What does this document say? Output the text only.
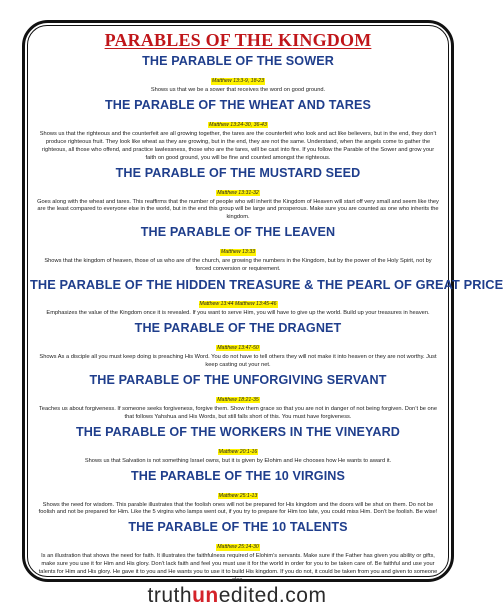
PARABLES OF THE KINGDOM
THE PARABLE OF THE SOWER
Matthew 13:3-9, 18-23
Shows us that we be a sower that receives the word on good ground.
THE PARABLE OF THE WHEAT AND TARES
Matthew 13:24-30, 36-43
Shows us that the righteous and the counterfeit are all growing together, the tares are the counterfeit who look and act like believers, but in the end, they don’t produce righteous fruit. They look like wheat as they are growing, but in the end, they are not the same. Understand, when the angels come to gather the righteous, all those who offend, and practice lawlessness, those who are the tares, will be cast into fire. If you follow the Parable of the Sower and grow your faith on good ground, you will be fine and counted amongst the righteous.
THE PARABLE OF THE MUSTARD SEED
Matthew 13:31-32
Goes along with the wheat and tares. This reaffirms that the number of people who will inherit the Kingdom of Heaven will start off very small and seem like they are the least compared to everyone else in the world, but in the end this group will be large and prosperous. Make sure you are counted as one who inherits the kingdom.
THE PARABLE OF THE LEAVEN
Matthew 13:33
Shows that the kingdom of heaven, those of us who are of the church, are growing the numbers in the Kingdom, but by the power of the Holy Spirit, not by forced conversion or requirement.
THE PARABLE OF THE HIDDEN TREASURE & THE PEARL OF GREAT PRICE
Matthew 13:44 Matthew 13:45-46
Emphasizes the value of the Kingdom once it is revealed. If you want to serve Him, you will have to give up the world. Build up your treasures in heaven.
THE PARABLE OF THE DRAGNET
Matthew 13:47-50
Shows As a disciple all you must keep doing is preaching His Word. You do not have to tell others they will not make it into heaven or they are not worthy. Just keep casting out your net.
THE PARABLE OF THE UNFORGIVING SERVANT
Matthew 18:21-35
Teaches us about forgiveness. If someone seeks forgiveness, forgive them. Show them grace so that you are not in danger of not being forgiven. Don’t be one that follows Yahshua and His Words, but still falls short of this. You must have forgiveness.
THE PARABLE OF THE WORKERS IN THE VINEYARD
Matthew 20:1-16
Shows us that Salvation is not something Israel owns, but it is given by Elohim and He chooses how He wants to award it.
THE PARABLE OF THE 10 VIRGINS
Matthew 25:1-13
Shows the need for wisdom. This parable illustrates that the foolish ones will not be prepared for His kingdom and the doors will be shut on them. Do not be foolish and not be prepared for Him. Like the 5 virgins who lamps went out, if you try to prepare for Him too late, you could miss Him. Don’t be foolish. Be wise!
THE PARABLE OF THE 10 TALENTS
Matthew 25:14-30
Is an illustration that shows the need for faith. It illustrates the faithfulness required of Elohim’s servants. Make sure if the Father has given you ability or gifts, make sure you use it for Him and His glory. Don’t lack faith and feel you must use it for the world in order for you to be taken care of. Be faithful and use your talents for Him and His glory. He gave it to you and He wants you to use it to build His kingdom. If you do not, it could be taken from you and given to someone else.
truthunedited.com
